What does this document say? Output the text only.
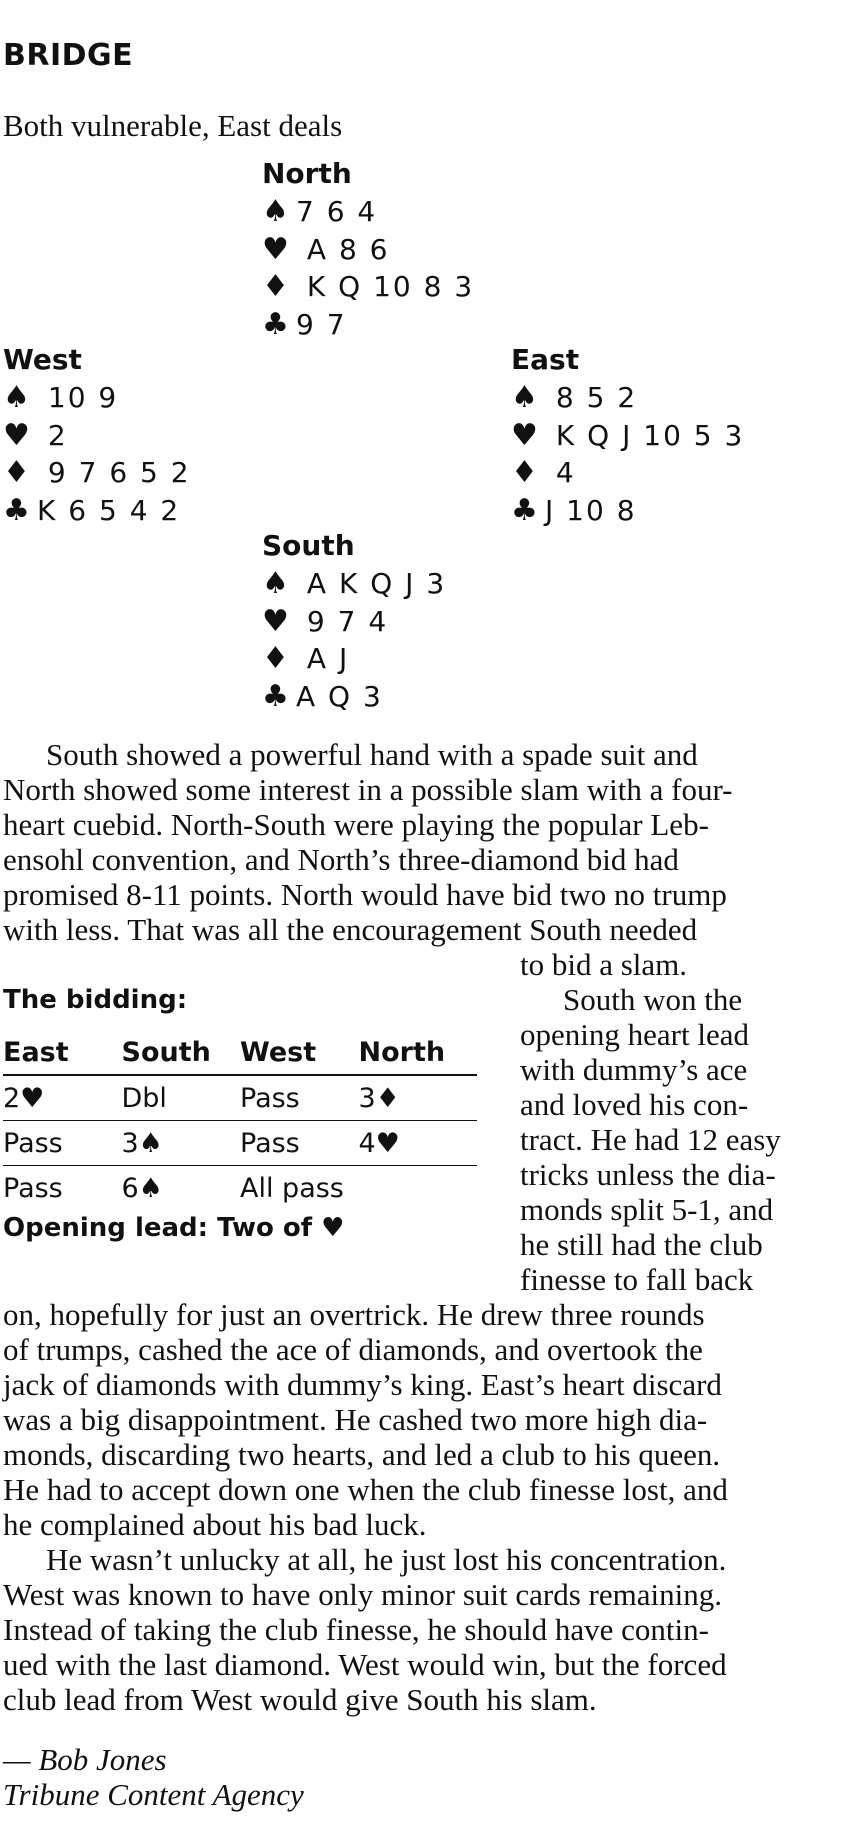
BRIDGE
Both vulnerable, East deals
North
♠ 7 6 4
♥ A 8 6
♦ K Q 10 8 3
♣ 9 7
West
♠ 10 9
♥ 2
♦ 9 7 6 5 2
♣ K 6 5 4 2
East
♠ 8 5 2
♥ K Q J 10 5 3
♦ 4
♣ J 10 8
South
♠ A K Q J 3
♥ 9 7 4
♦ A J
♣ A Q 3
South showed a powerful hand with a spade suit and
North showed some interest in a possible slam with a four-
heart cuebid. North-South were playing the popular Leb-
ensohl convention, and North’s three-diamond bid had
promised 8-11 points. North would have bid two no trump
with less. That was all the encouragement South needed
to bid a slam.
The bidding:
East	South	West	North
2♥	Dbl	Pass	3♦
Pass	3♠	Pass	4♥
Pass	6♠	All pass
Opening lead: Two of ♥
South won the
opening heart lead
with dummy’s ace
and loved his con-
tract. He had 12 easy
tricks unless the dia-
monds split 5-1, and
he still had the club
finesse to fall back
on, hopefully for just an overtrick. He drew three rounds
of trumps, cashed the ace of diamonds, and overtook the
jack of diamonds with dummy’s king. East’s heart discard
was a big disappointment. He cashed two more high dia-
monds, discarding two hearts, and led a club to his queen.
He had to accept down one when the club finesse lost, and
he complained about his bad luck.
He wasn’t unlucky at all, he just lost his concentration.
West was known to have only minor suit cards remaining.
Instead of taking the club finesse, he should have contin-
ued with the last diamond. West would win, but the forced
club lead from West would give South his slam.
— Bob Jones
Tribune Content Agency
